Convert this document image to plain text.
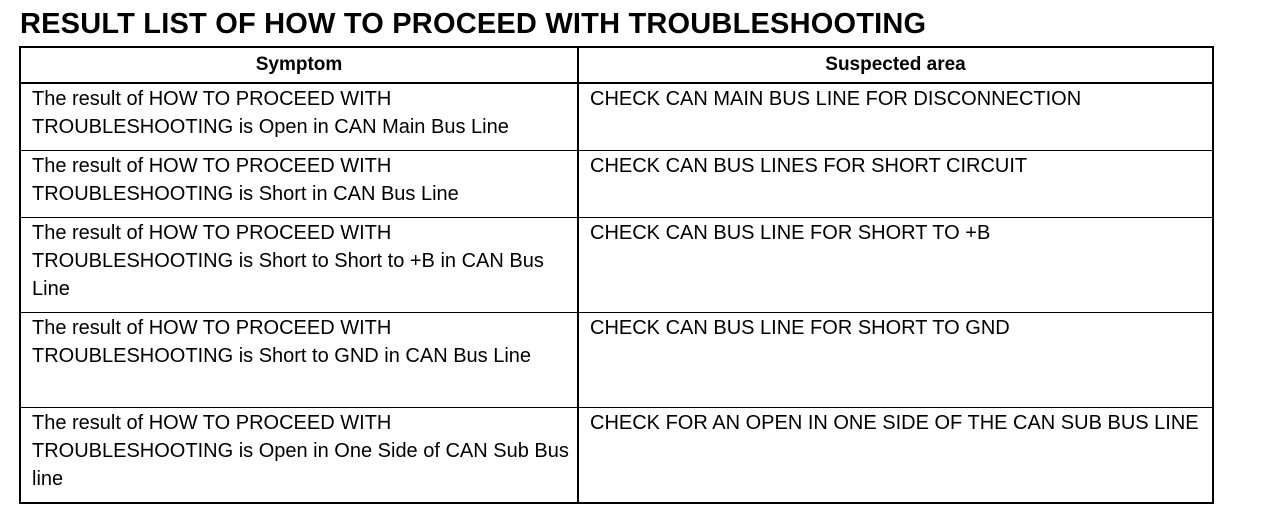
RESULT LIST OF HOW TO PROCEED WITH TROUBLESHOOTING
Symptom	Suspected area
The result of HOW TO PROCEED WITH TROUBLESHOOTING is Open in CAN Main Bus Line	CHECK CAN MAIN BUS LINE FOR DISCONNECTION
The result of HOW TO PROCEED WITH TROUBLESHOOTING is Short in CAN Bus Line	CHECK CAN BUS LINES FOR SHORT CIRCUIT
The result of HOW TO PROCEED WITH TROUBLESHOOTING is Short to Short to +B in CAN Bus Line	CHECK CAN BUS LINE FOR SHORT TO +B
The result of HOW TO PROCEED WITH TROUBLESHOOTING is Short to GND in CAN Bus Line	CHECK CAN BUS LINE FOR SHORT TO GND
The result of HOW TO PROCEED WITH TROUBLESHOOTING is Open in One Side of CAN Sub Bus line	CHECK FOR AN OPEN IN ONE SIDE OF THE CAN SUB BUS LINE
